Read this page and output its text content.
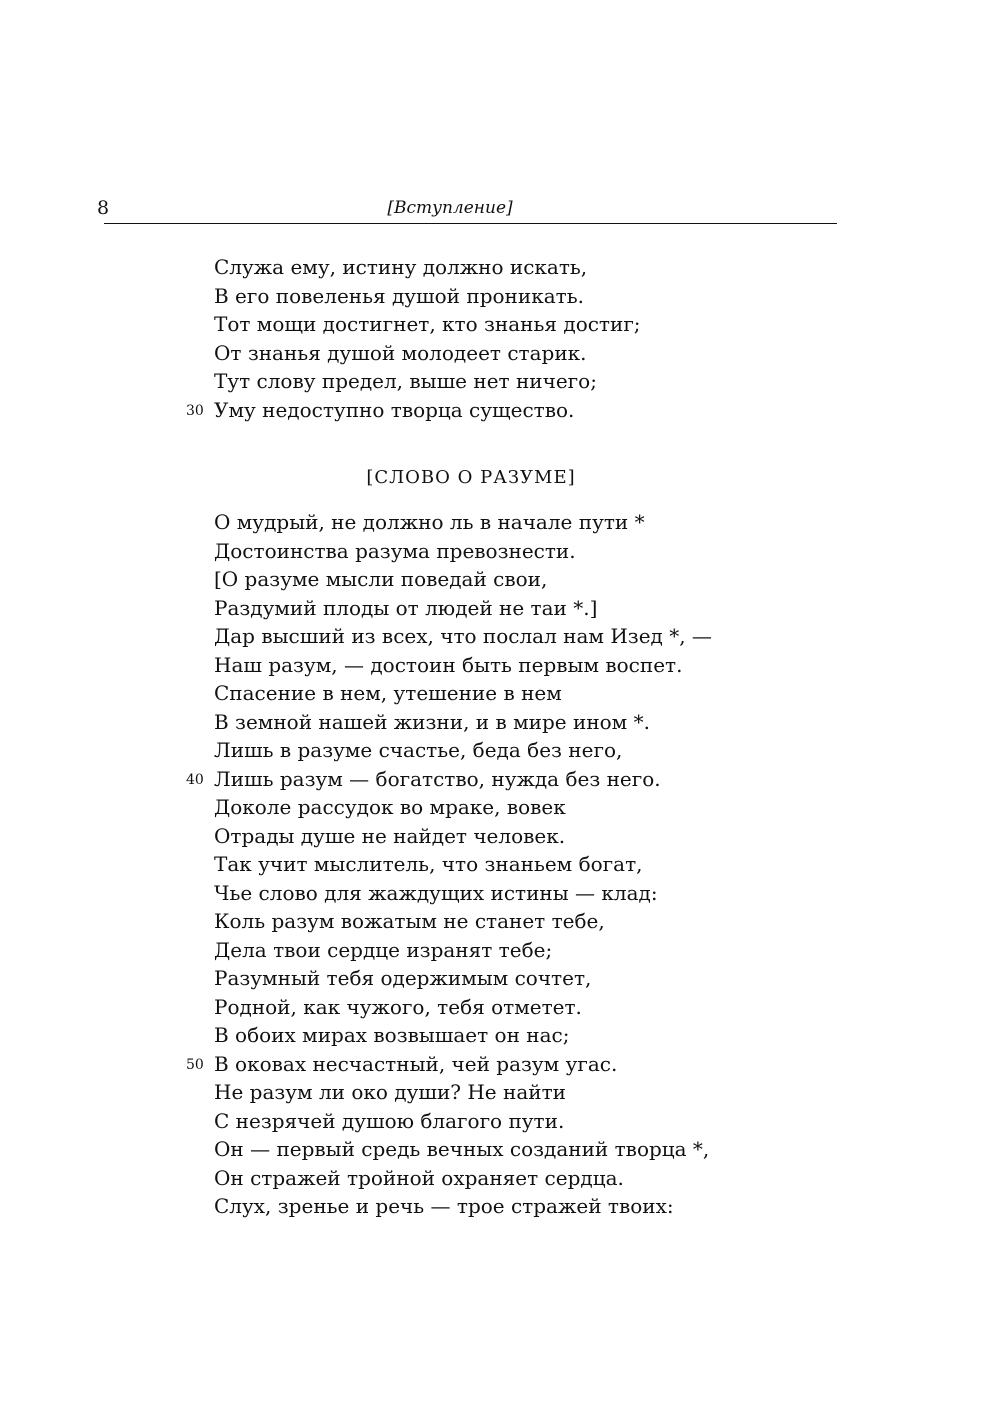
8	[Вступление]
Служа ему, истину должно искать,
В его повеленья душой проникать.
Тот мощи достигнет, кто знанья достиг;
От знанья душой молодеет старик.
Тут слову предел, выше нет ничего;
30 Уму недоступно творца существо.
[СЛОВО О РАЗУМЕ]
О мудрый, не должно ль в начале пути *
Достоинства разума превознести.
[О разуме мысли поведай свои,
Раздумий плоды от людей не таи *.]
Дар высший из всех, что послал нам Изед *, —
Наш разум, — достоин быть первым воспет.
Спасение в нем, утешение в нем
В земной нашей жизни, и в мире ином *.
Лишь в разуме счастье, беда без него,
40 Лишь разум — богатство, нужда без него.
Доколе рассудок во мраке, вовек
Отрады душе не найдет человек.
Так учит мыслитель, что знаньем богат,
Чье слово для жаждущих истины — клад:
Коль разум вожатым не станет тебе,
Дела твои сердце изранят тебе;
Разумный тебя одержимым сочтет,
Родной, как чужого, тебя отметет.
В обоих мирах возвышает он нас;
50 В оковах несчастный, чей разум угас.
Не разум ли око души? Не найти
С незрячей душою благого пути.
Он — первый средь вечных созданий творца *,
Он стражей тройной охраняет сердца.
Слух, зренье и речь — трое стражей твоих:
